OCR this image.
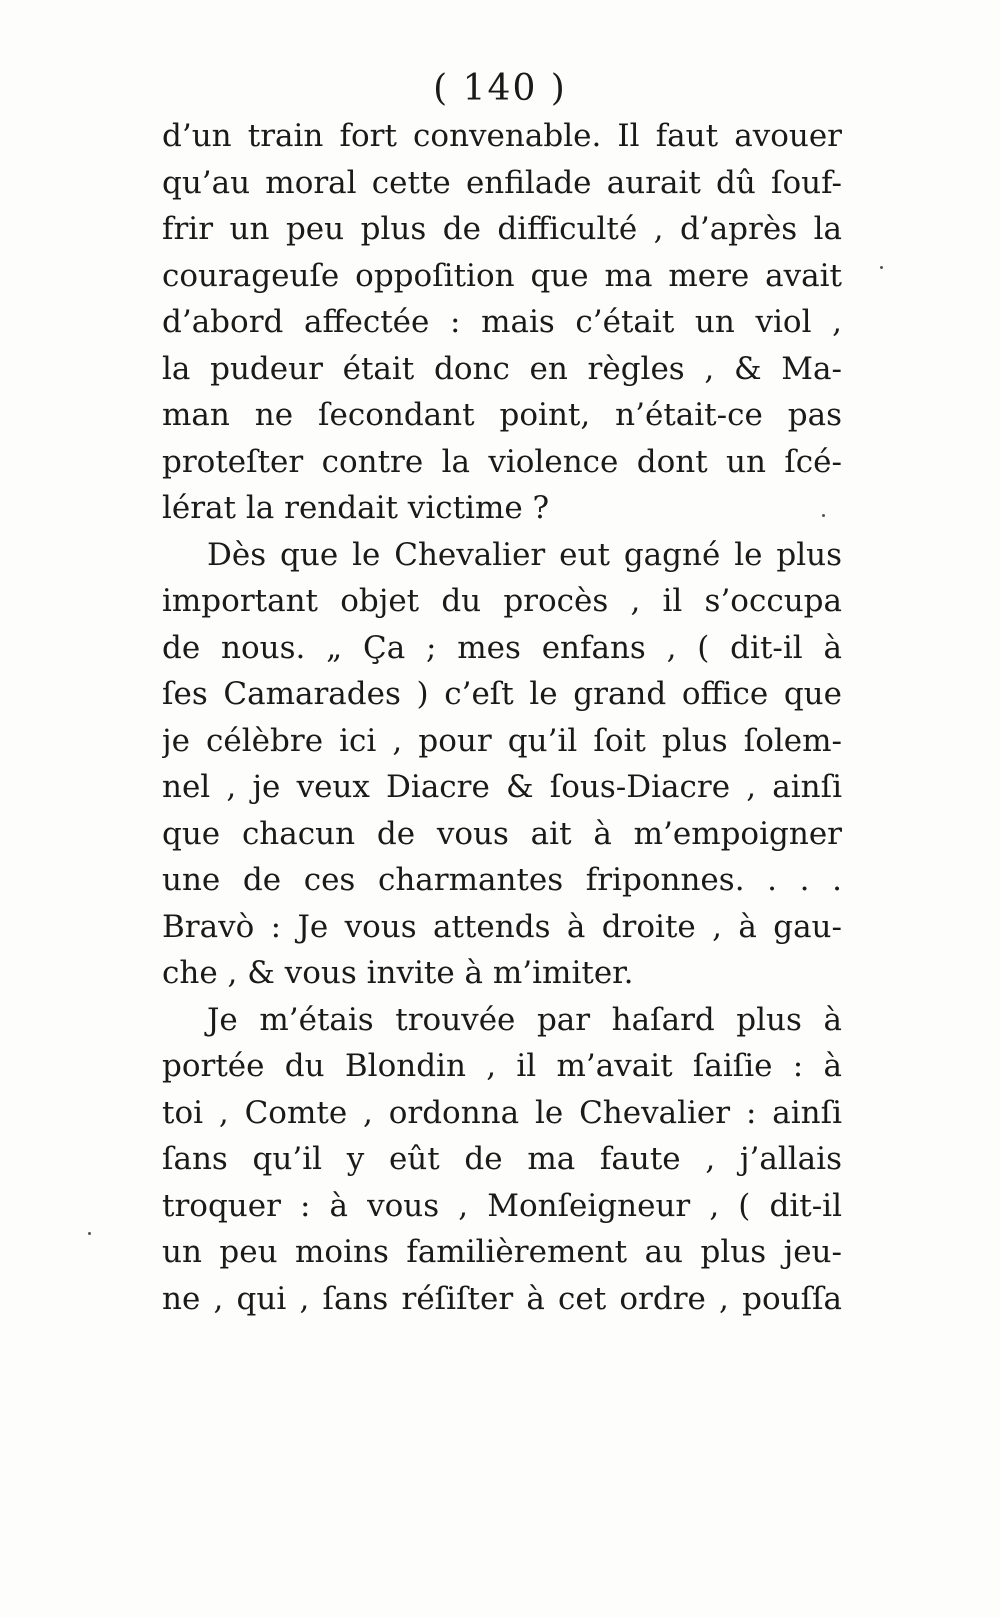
( 140 )
d’un train fort convenable. Il faut avouer
qu’au moral cette enfilade aurait dû ſouf-
frir un peu plus de difficulté , d’après la
courageuſe oppoſition que ma mere avait
d’abord affectée : mais c’était un viol ,
la pudeur était donc en règles , & Ma-
man ne ſecondant point, n’était-ce pas
proteſter contre la violence dont un ſcé-
lérat la rendait victime ?
Dès que le Chevalier eut gagné le plus
important objet du procès , il s’occupa
de nous. „ Ça ; mes enfans , ( dit-il à
ſes Camarades ) c’eſt le grand office que
je célèbre ici , pour qu’il ſoit plus ſolem-
nel , je veux Diacre & ſous-Diacre , ainſi
que chacun de vous ait à m’empoigner
une de ces charmantes friponnes. . . .
Bravò : Je vous attends à droite , à gau-
che , & vous invite à m’imiter.
Je m’étais trouvée par haſard plus à
portée du Blondin , il m’avait ſaiſie : à
toi , Comte , ordonna le Chevalier : ainſi
ſans qu’il y eût de ma faute , j’allais
troquer : à vous , Monſeigneur , ( dit-il
un peu moins familièrement au plus jeu-
ne , qui , ſans réſiſter à cet ordre , pouſſa
